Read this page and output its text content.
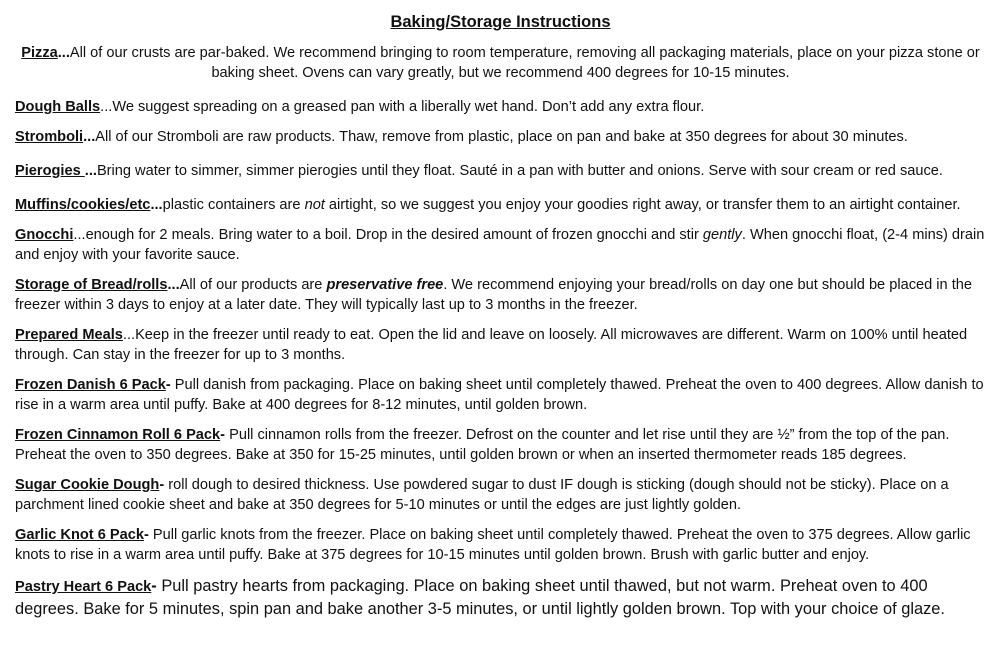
Baking/Storage Instructions

Pizza...All of our crusts are par-baked. We recommend bringing to room temperature, removing all packaging materials, place on your pizza stone or baking sheet. Ovens can vary greatly, but we recommend 400 degrees for 10-15 minutes.

Dough Balls...We suggest spreading on a greased pan with a liberally wet hand. Don’t add any extra flour.

Stromboli...All of our Stromboli are raw products. Thaw, remove from plastic, place on pan and bake at 350 degrees for about 30 minutes.

Pierogies ...Bring water to simmer, simmer pierogies until they float. Sauté in a pan with butter and onions. Serve with sour cream or red sauce.

Muffins/cookies/etc...plastic containers are not airtight, so we suggest you enjoy your goodies right away, or transfer them to an airtight container.

Gnocchi...enough for 2 meals. Bring water to a boil. Drop in the desired amount of frozen gnocchi and stir gently. When gnocchi float, (2-4 mins) drain and enjoy with your favorite sauce.

Storage of Bread/rolls...All of our products are preservative free. We recommend enjoying your bread/rolls on day one but should be placed in the freezer within 3 days to enjoy at a later date. They will typically last up to 3 months in the freezer.

Prepared Meals...Keep in the freezer until ready to eat. Open the lid and leave on loosely. All microwaves are different. Warm on 100% until heated through. Can stay in the freezer for up to 3 months.

Frozen Danish 6 Pack- Pull danish from packaging. Place on baking sheet until completely thawed. Preheat the oven to 400 degrees. Allow danish to rise in a warm area until puffy. Bake at 400 degrees for 8-12 minutes, until golden brown.

Frozen Cinnamon Roll 6 Pack- Pull cinnamon rolls from the freezer. Defrost on the counter and let rise until they are ½” from the top of the pan. Preheat the oven to 350 degrees. Bake at 350 for 15-25 minutes, until golden brown or when an inserted thermometer reads 185 degrees.

Sugar Cookie Dough- roll dough to desired thickness. Use powdered sugar to dust IF dough is sticking (dough should not be sticky). Place on a parchment lined cookie sheet and bake at 350 degrees for 5-10 minutes or until the edges are just lightly golden.

Garlic Knot 6 Pack- Pull garlic knots from the freezer. Place on baking sheet until completely thawed. Preheat the oven to 375 degrees. Allow garlic knots to rise in a warm area until puffy. Bake at 375 degrees for 10-15 minutes until golden brown. Brush with garlic butter and enjoy.

Pastry Heart 6 Pack- Pull pastry hearts from packaging. Place on baking sheet until thawed, but not warm. Preheat oven to 400 degrees. Bake for 5 minutes, spin pan and bake another 3-5 minutes, or until lightly golden brown. Top with your choice of glaze.
